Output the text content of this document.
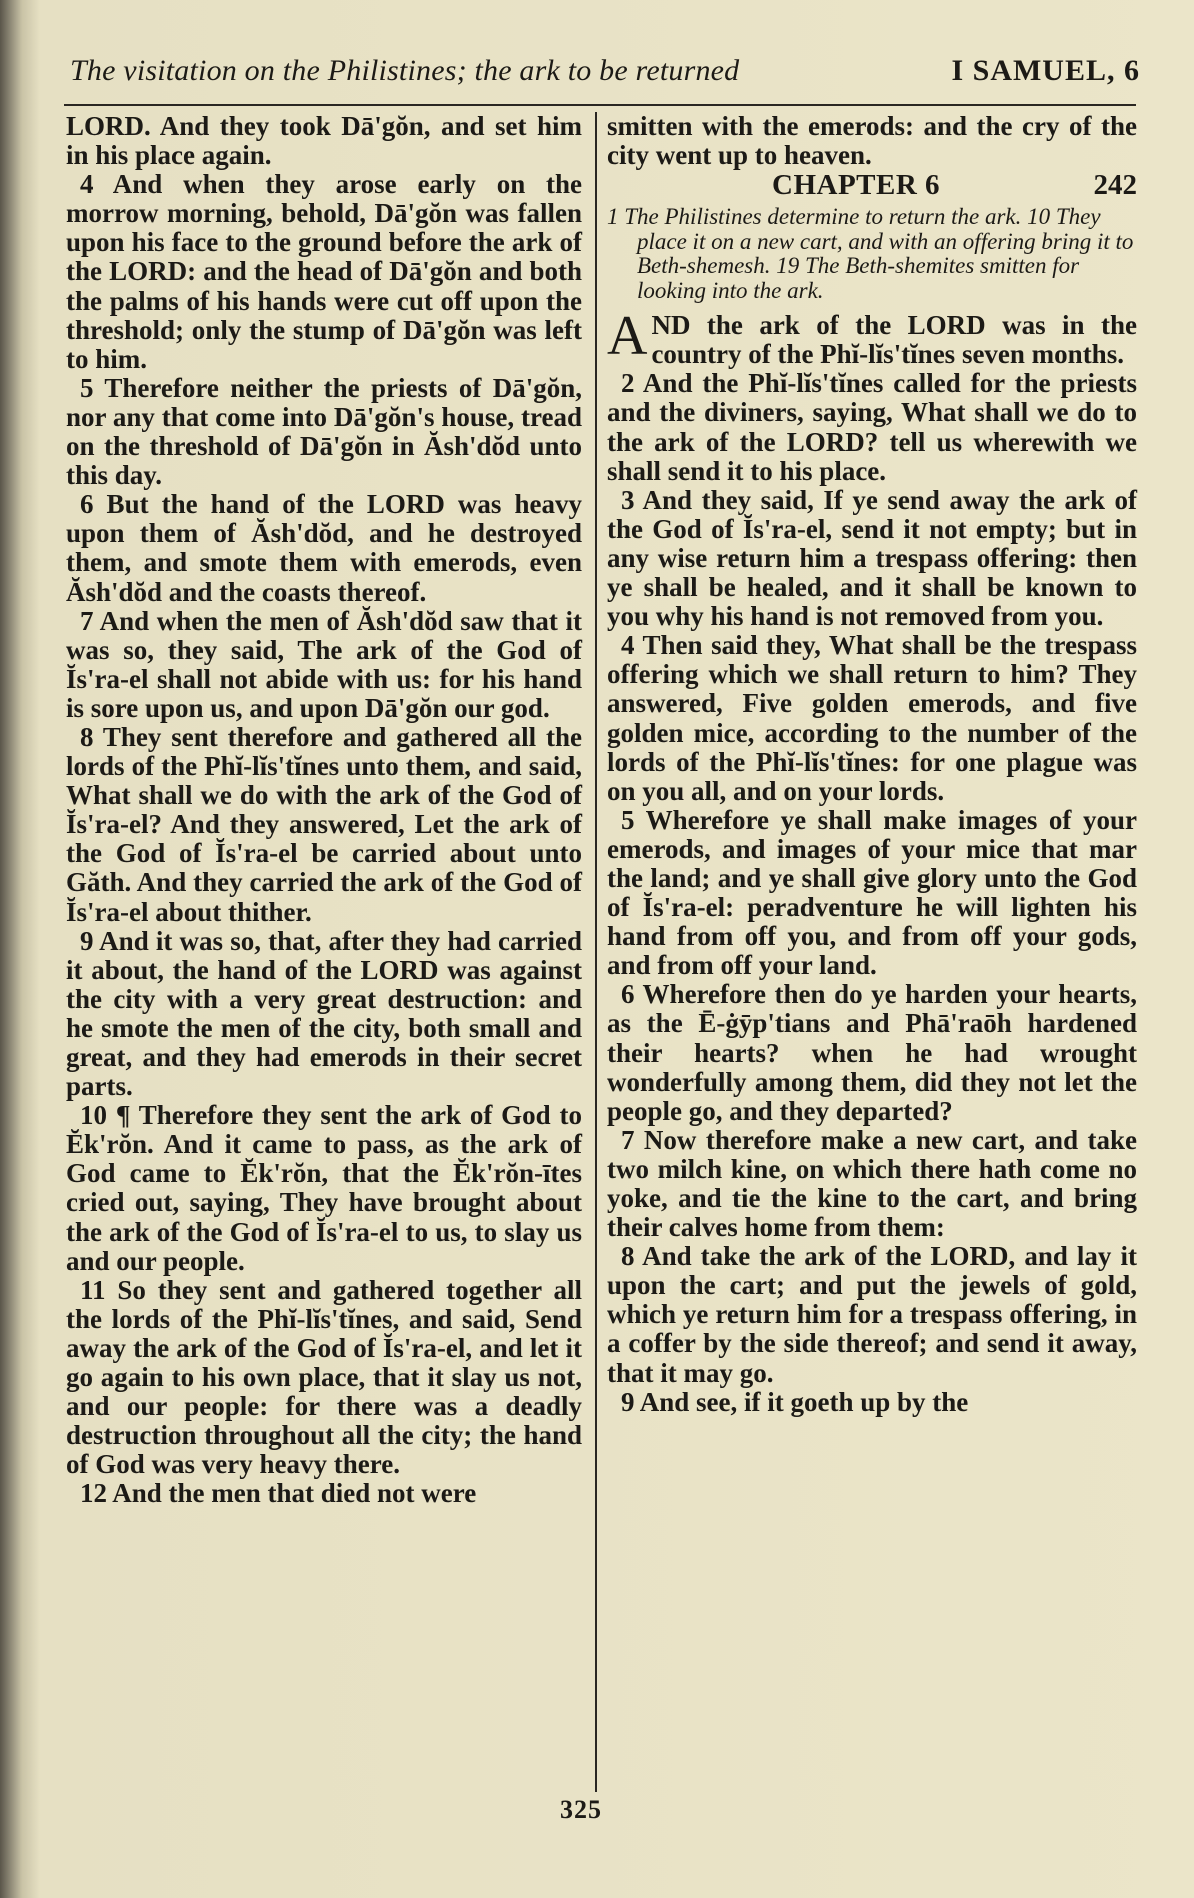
The visitation on the Philistines; the ark to be returned	I SAMUEL, 6

LORD. And they took Dā'gŏn, and set him in his place again.

4 And when they arose early on the morrow morning, behold, Dā'gŏn was fallen upon his face to the ground before the ark of the LORD: and the head of Dā'gŏn and both the palms of his hands were cut off upon the threshold; only the stump of Dā'gŏn was left to him.

5 Therefore neither the priests of Dā'gŏn, nor any that come into Dā'gŏn's house, tread on the threshold of Dā'gŏn in Ăsh'dŏd unto this day.

6 But the hand of the LORD was heavy upon them of Ăsh'dŏd, and he destroyed them, and smote them with emerods, even Ăsh'dŏd and the coasts thereof.

7 And when the men of Ăsh'dŏd saw that it was so, they said, The ark of the God of Ĭs'ra-el shall not abide with us: for his hand is sore upon us, and upon Dā'gŏn our god.

8 They sent therefore and gathered all the lords of the Phĭ-lĭs'tĭnes unto them, and said, What shall we do with the ark of the God of Ĭs'ra-el? And they answered, Let the ark of the God of Ĭs'ra-el be carried about unto Găth. And they carried the ark of the God of Ĭs'ra-el about thither.

9 And it was so, that, after they had carried it about, the hand of the LORD was against the city with a very great destruction: and he smote the men of the city, both small and great, and they had emerods in their secret parts.

10 ¶ Therefore they sent the ark of God to Ĕk'rŏn. And it came to pass, as the ark of God came to Ĕk'rŏn, that the Ĕk'rŏn-ītes cried out, saying, They have brought about the ark of the God of Ĭs'ra-el to us, to slay us and our people.

11 So they sent and gathered together all the lords of the Phĭ-lĭs'tĭnes, and said, Send away the ark of the God of Ĭs'ra-el, and let it go again to his own place, that it slay us not, and our people: for there was a deadly destruction throughout all the city; the hand of God was very heavy there.

12 And the men that died not were

smitten with the emerods: and the cry of the city went up to heaven.

CHAPTER 6	242
1 The Philistines determine to return the ark. 10 They place it on a new cart, and with an offering bring it to Beth-shemesh. 19 The Beth-shemites smitten for looking into the ark.

AND the ark of the LORD was in the country of the Phĭ-lĭs'tĭnes seven months.

2 And the Phĭ-lĭs'tĭnes called for the priests and the diviners, saying, What shall we do to the ark of the LORD? tell us wherewith we shall send it to his place.

3 And they said, If ye send away the ark of the God of Ĭs'ra-el, send it not empty; but in any wise return him a trespass offering: then ye shall be healed, and it shall be known to you why his hand is not removed from you.

4 Then said they, What shall be the trespass offering which we shall return to him? They answered, Five golden emerods, and five golden mice, according to the number of the lords of the Phĭ-lĭs'tĭnes: for one plague was on you all, and on your lords.

5 Wherefore ye shall make images of your emerods, and images of your mice that mar the land; and ye shall give glory unto the God of Ĭs'ra-el: peradventure he will lighten his hand from off you, and from off your gods, and from off your land.

6 Wherefore then do ye harden your hearts, as the Ē-ġȳp'tians and Phā'raōh hardened their hearts? when he had wrought wonderfully among them, did they not let the people go, and they departed?

7 Now therefore make a new cart, and take two milch kine, on which there hath come no yoke, and tie the kine to the cart, and bring their calves home from them:

8 And take the ark of the LORD, and lay it upon the cart; and put the jewels of gold, which ye return him for a trespass offering, in a coffer by the side thereof; and send it away, that it may go.

9 And see, if it goeth up by the

325
